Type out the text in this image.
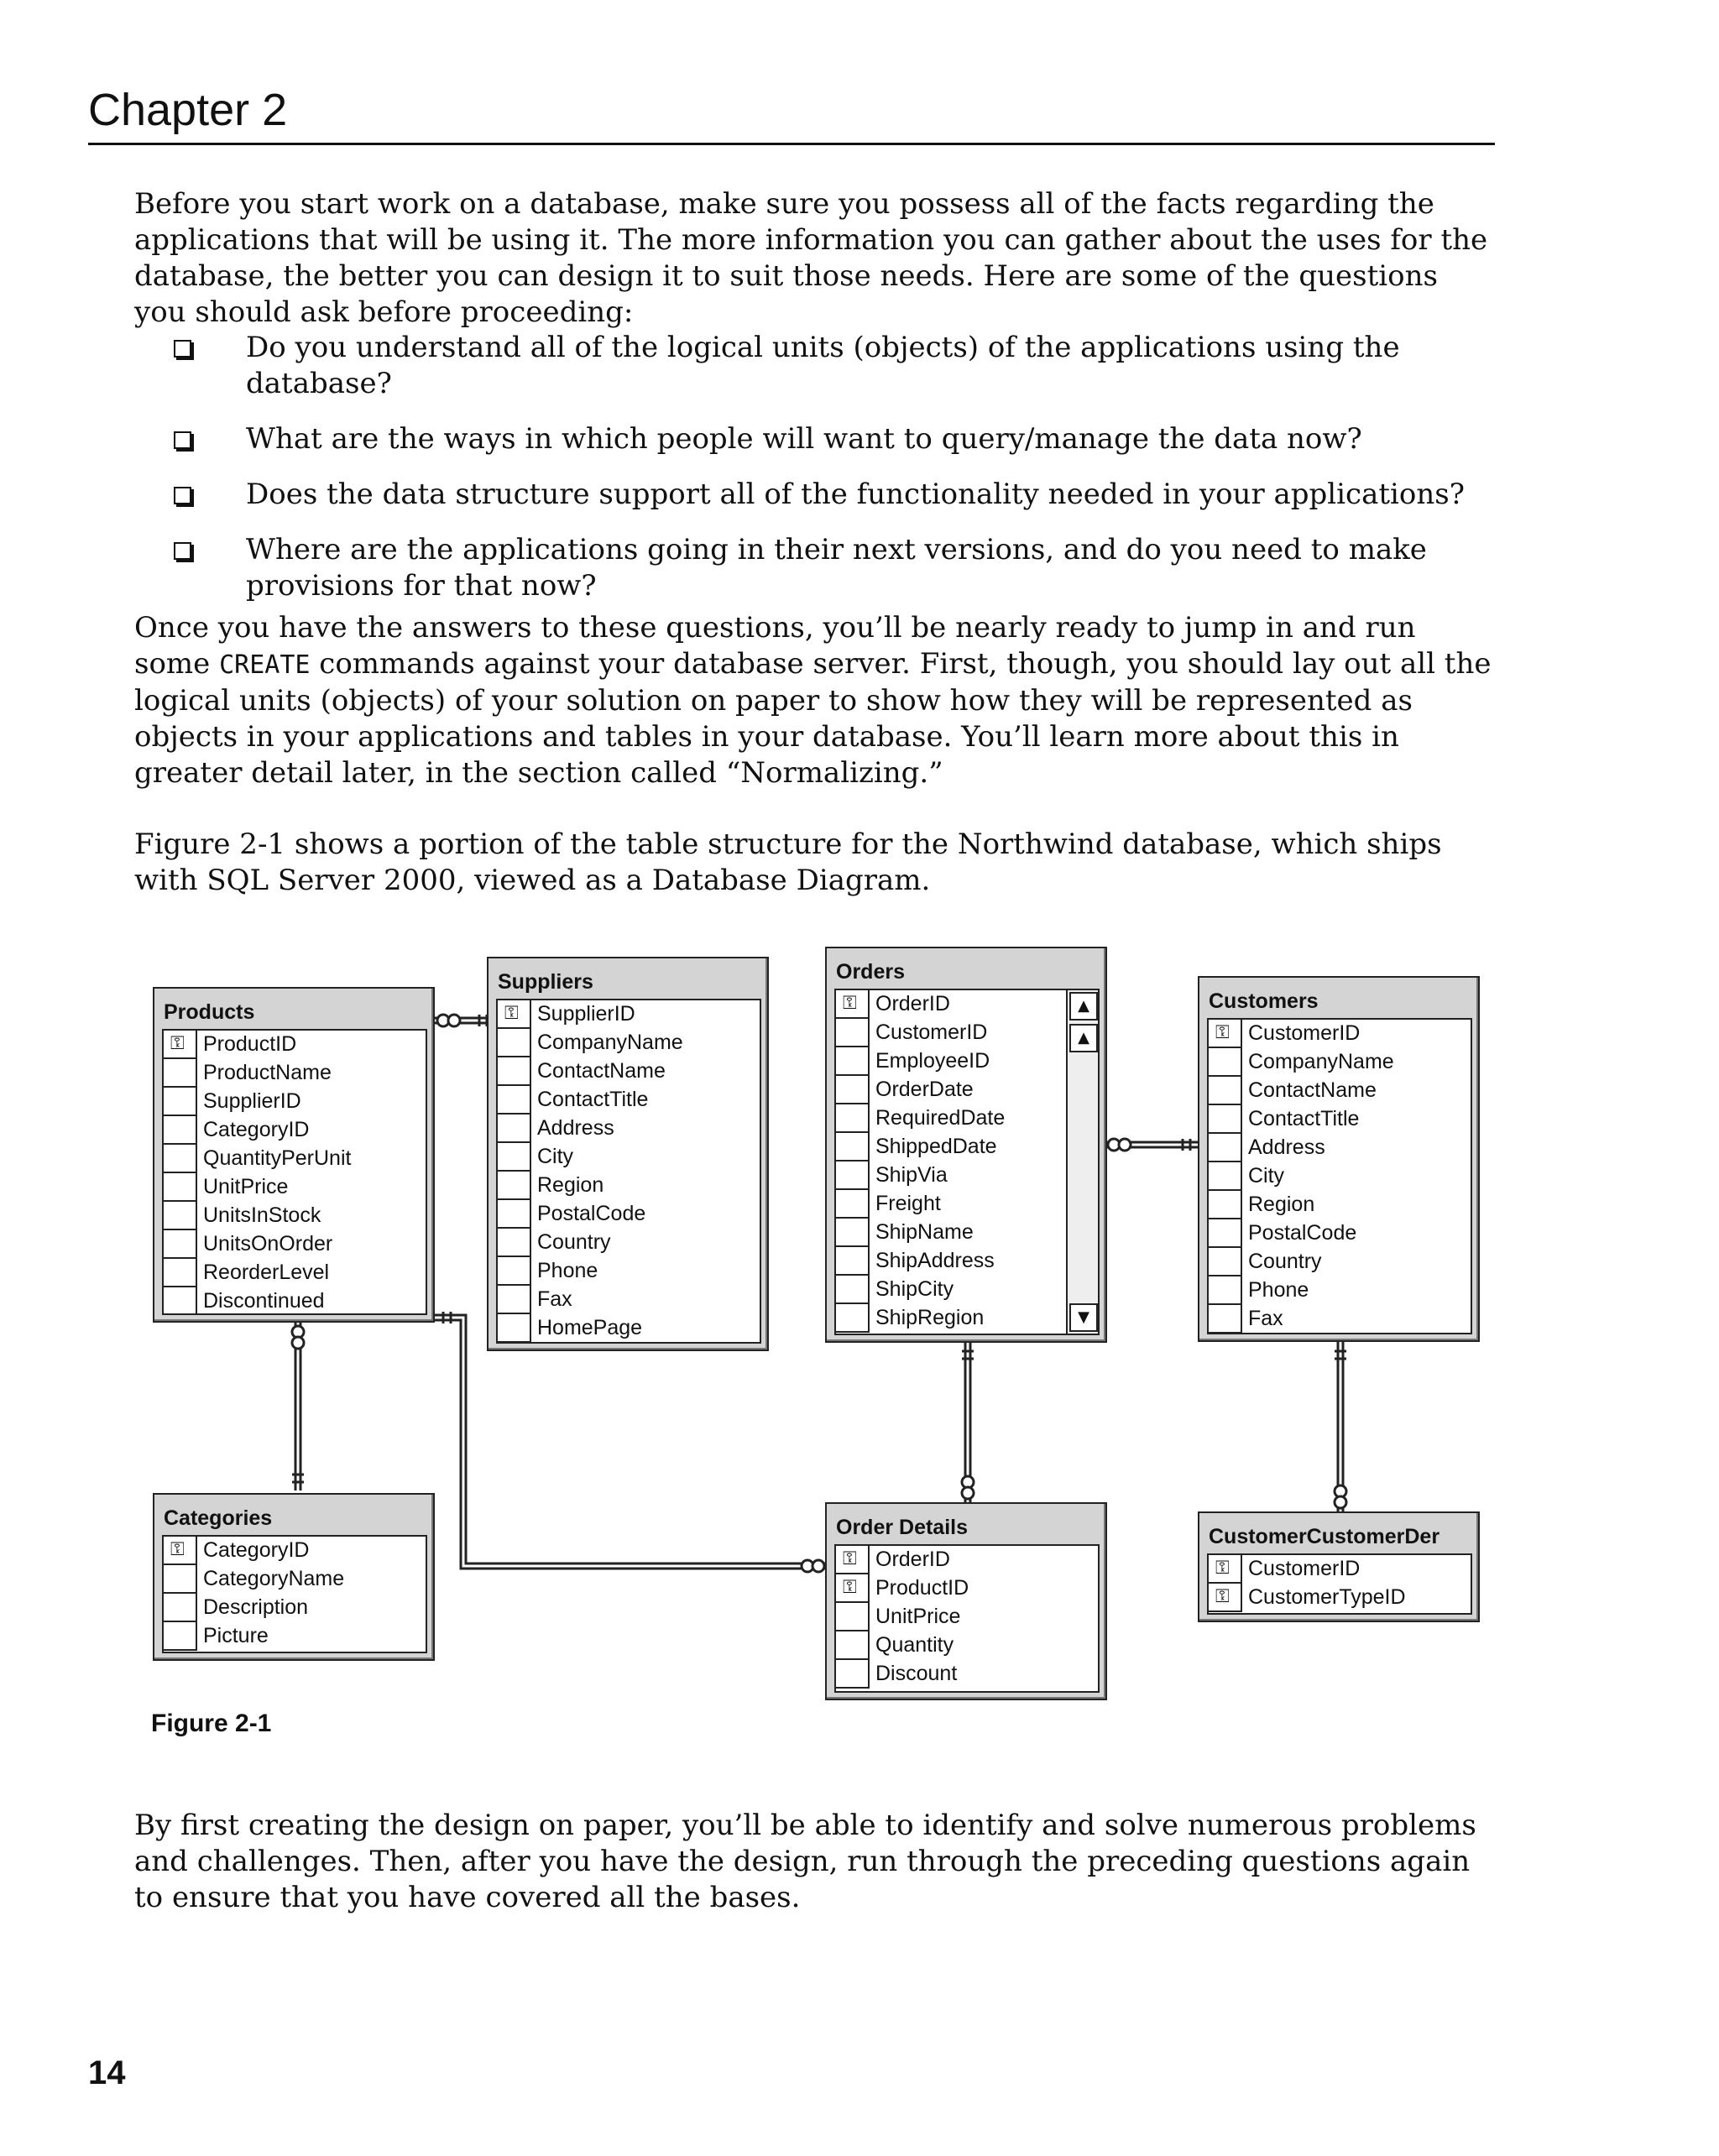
Chapter 2

Before you start work on a database, make sure you possess all of the facts regarding the applications that will be using it. The more information you can gather about the uses for the database, the better you can design it to suit those needs. Here are some of the questions you should ask before proceeding:

Do you understand all of the logical units (objects) of the applications using the database?
What are the ways in which people will want to query/manage the data now?
Does the data structure support all of the functionality needed in your applications?
Where are the applications going in their next versions, and do you need to make provisions for that now?

Once you have the answers to these questions, you’ll be nearly ready to jump in and run some CREATE commands against your database server. First, though, you should lay out all the logical units (objects) of your solution on paper to show how they will be represented as objects in your applications and tables in your database. You’ll learn more about this in greater detail later, in the section called “Normalizing.”

Figure 2-1 shows a portion of the table structure for the Northwind database, which ships with SQL Server 2000, viewed as a Database Diagram.

Products
⚿ ProductID
ProductName
SupplierID
CategoryID
QuantityPerUnit
UnitPrice
UnitsInStock
UnitsOnOrder
ReorderLevel
Discontinued
Suppliers
⚿ SupplierID
CompanyName
ContactName
ContactTitle
Address
City
Region
PostalCode
Country
Phone
Fax
HomePage
Orders
⚿ OrderID
CustomerID
EmployeeID
OrderDate
RequiredDate
ShippedDate
ShipVia
Freight
ShipName
ShipAddress
ShipCity
ShipRegion
▲
▲
▼
Customers
⚿ CustomerID
CompanyName
ContactName
ContactTitle
Address
City
Region
PostalCode
Country
Phone
Fax
Categories
⚿ CategoryID
CategoryName
Description
Picture
Order Details
⚿ OrderID
⚿ ProductID
UnitPrice
Quantity
Discount
CustomerCustomerDer
⚿ CustomerID
⚿ CustomerTypeID
Figure 2-1

By first creating the design on paper, you’ll be able to identify and solve numerous problems and challenges. Then, after you have the design, run through the preceding questions again to ensure that you have covered all the bases.

14
